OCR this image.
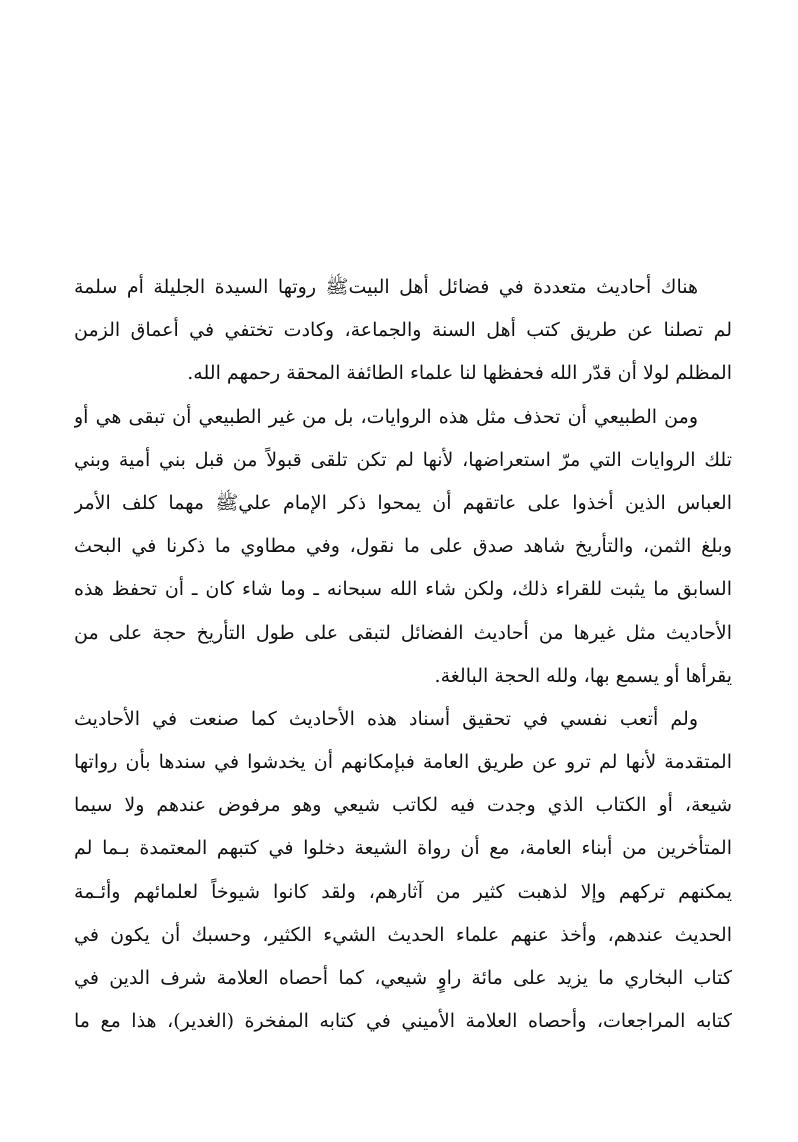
هناك أحاديث متعددة في فضائل أهل البيتﷺ روتها السيدة الجليلة أم سلمة
لم تصلنا عن طريق كتب أهل السنة والجماعة، وكادت تختفي في أعماق الزمن
المظلم لولا أن قدّر الله فحفظها لنا علماء الطائفة المحقة رحمهم الله.
ومن الطبيعي أن تحذف مثل هذه الروايات، بل من غير الطبيعي أن تبقى هي أو
تلك الروايات التي مرّ استعراضها، لأنها لم تكن تلقى قبولاً من قبل بني أمية وبني
العباس الذين أخذوا على عاتقهم أن يمحوا ذكر الإمام عليﷺ مهما كلف الأمر
وبلغ الثمن، والتأريخ شاهد صدق على ما نقول، وفي مطاوي ما ذكرنا في البحث
السابق ما يثبت للقراء ذلك، ولكن شاء الله سبحانه ـ وما شاء كان ـ أن تحفظ هذه
الأحاديث مثل غيرها من أحاديث الفضائل لتبقى على طول التأريخ حجة على من
يقرأها أو يسمع بها، ولله الحجة البالغة.
ولم أتعب نفسي في تحقيق أسناد هذه الأحاديث كما صنعت في الأحاديث
المتقدمة لأنها لم ترو عن طريق العامة فبإمكانهم أن يخدشوا في سندها بأن رواتها
شيعة، أو الكتاب الذي وجدت فيه لكاتب شيعي وهو مرفوض عندهم ولا سيما
المتأخرين من أبناء العامة، مع أن رواة الشيعة دخلوا في كتبهم المعتمدة بـما لم
يمكنهم تركهم وإلا لذهبت كثير من آثارهم، ولقد كانوا شيوخاً لعلمائهم وأئـمة
الحديث عندهم، وأخذ عنهم علماء الحديث الشيء الكثير، وحسبك أن يكون في
كتاب البخاري ما يزيد على مائة راوٍ شيعي، كما أحصاه العلامة شرف الدين في
كتابه المراجعات، وأحصاه العلامة الأميني في كتابه المفخرة (الغدير)، هذا مع ما
